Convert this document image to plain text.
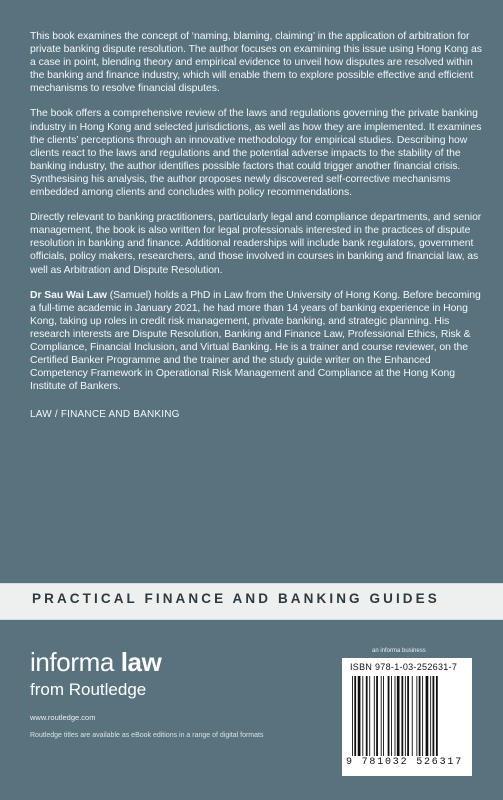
This book examines the concept of ‘naming, blaming, claiming’ in the application of arbitration for private banking dispute resolution. The author focuses on examining this issue using Hong Kong as a case in point, blending theory and empirical evidence to unveil how disputes are resolved within the banking and finance industry, which will enable them to explore possible effective and efficient mechanisms to resolve financial disputes.

The book offers a comprehensive review of the laws and regulations governing the private banking industry in Hong Kong and selected jurisdictions, as well as how they are implemented. It examines the clients’ perceptions through an innovative methodology for empirical studies. Describing how clients react to the laws and regulations and the potential adverse impacts to the stability of the banking industry, the author identifies possible factors that could trigger another financial crisis. Synthesising his analysis, the author proposes newly discovered self-corrective mechanisms embedded among clients and concludes with policy recommendations.

Directly relevant to banking practitioners, particularly legal and compliance departments, and senior management, the book is also written for legal professionals interested in the practices of dispute resolution in banking and finance. Additional readerships will include bank regulators, government officials, policy makers, researchers, and those involved in courses in banking and financial law, as well as Arbitration and Dispute Resolution.

Dr Sau Wai Law (Samuel) holds a PhD in Law from the University of Hong Kong. Before becoming a full-time academic in January 2021, he had more than 14 years of banking experience in Hong Kong, taking up roles in credit risk management, private banking, and strategic planning. His research interests are Dispute Resolution, Banking and Finance Law, Professional Ethics, Risk & Compliance, Financial Inclusion, and Virtual Banking. He is a trainer and course reviewer, on the Certified Banker Programme and the trainer and the study guide writer on the Enhanced Competency Framework in Operational Risk Management and Compliance at the Hong Kong Institute of Bankers.

LAW / FINANCE AND BANKING
PRACTICAL FINANCE AND BANKING GUIDES
informa law
from Routledge
www.routledge.com
Routledge titles are available as eBook editions in a range of digital formats
an informa business
ISBN 978-1-03-252631-7
9 781032 526317
